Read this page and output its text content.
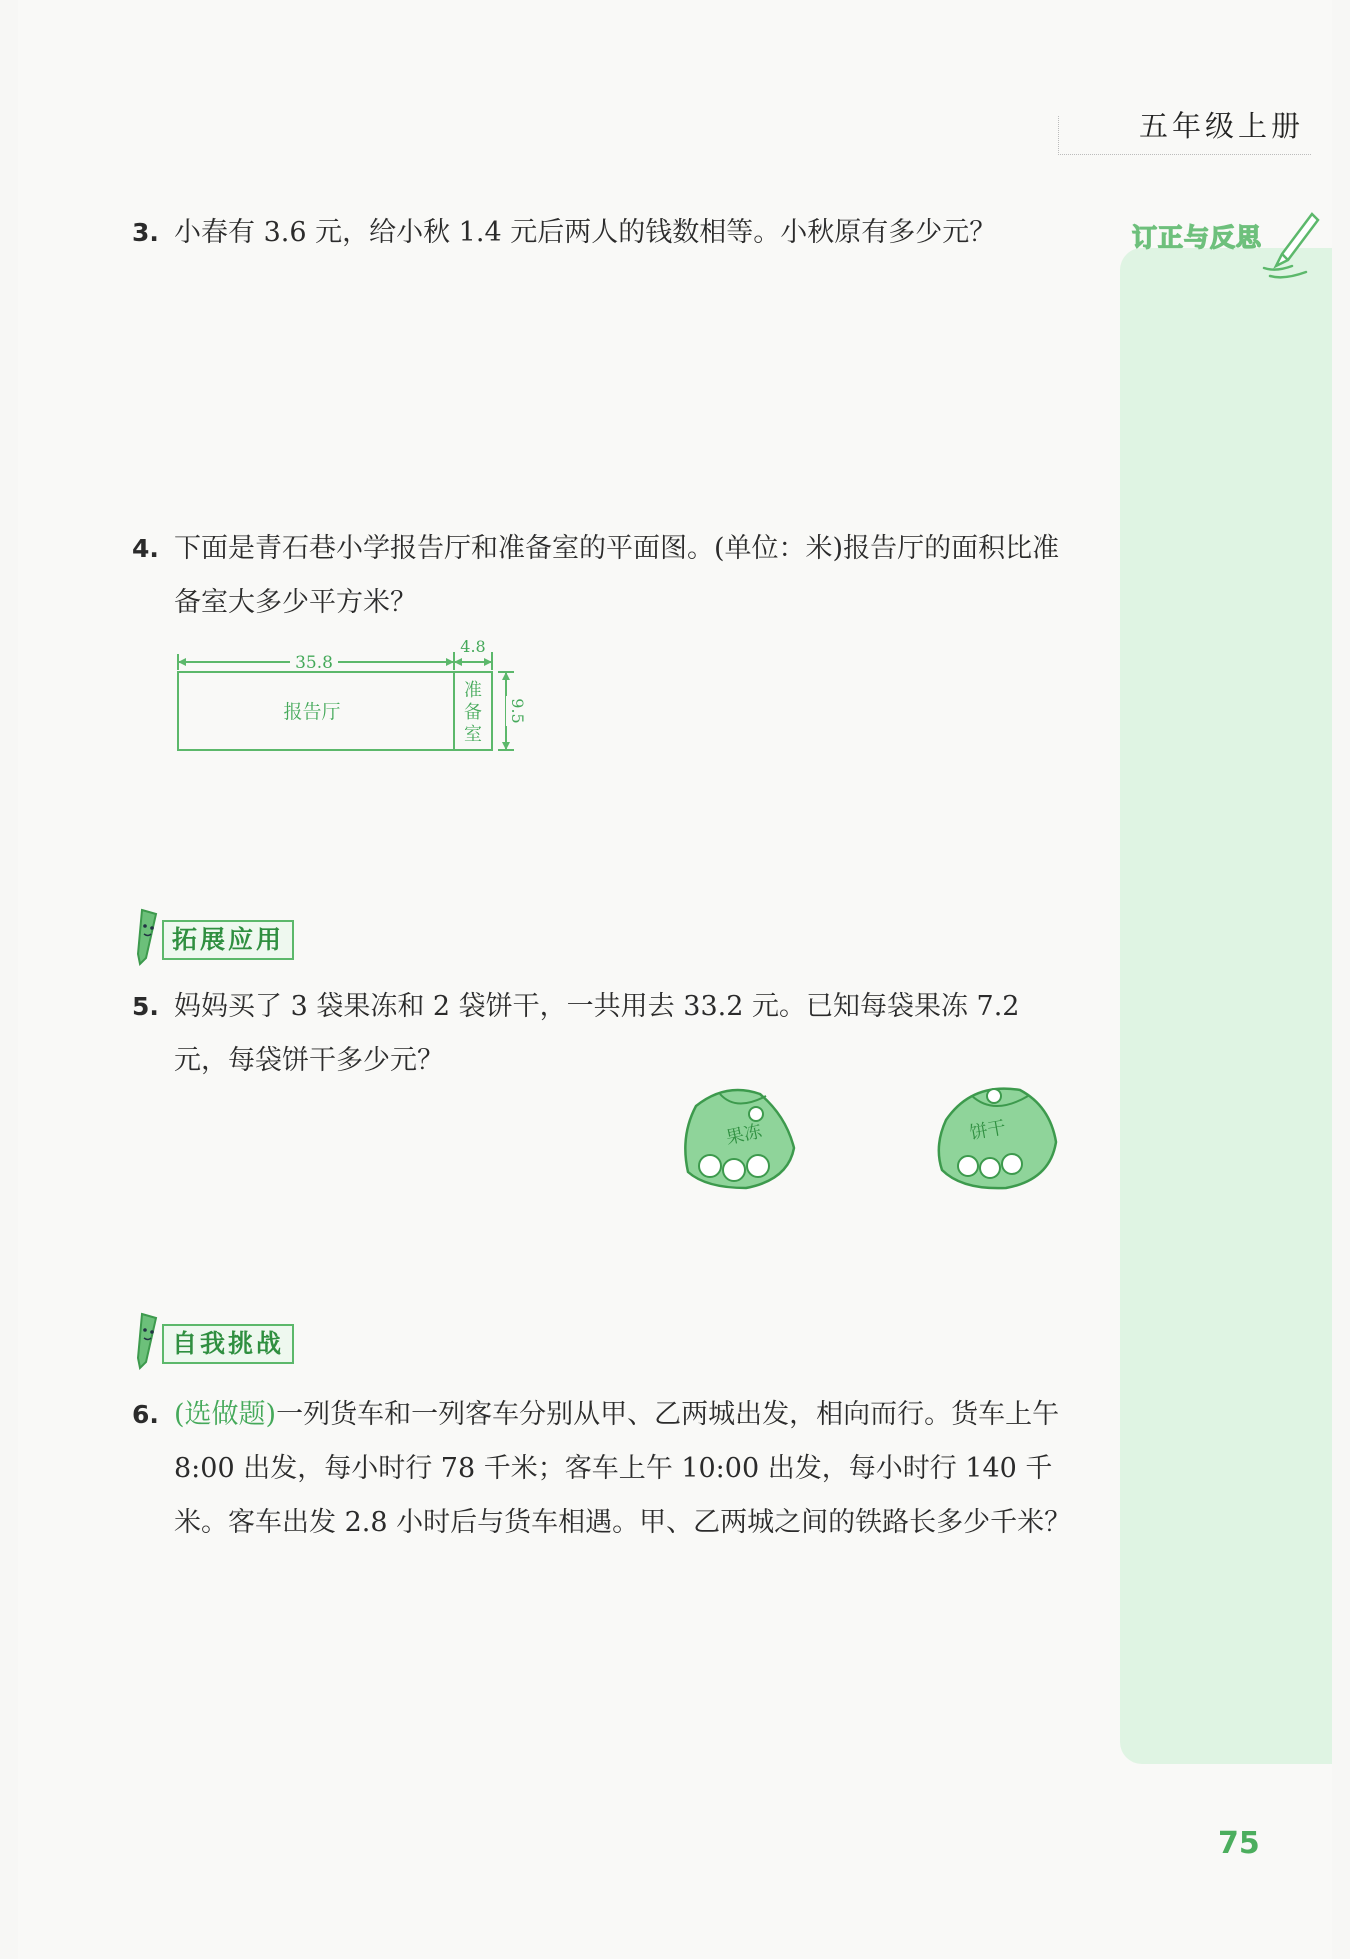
五年级上册
订正与反思
3. 小春有 3.6 元，给小秋 1.4 元后两人的钱数相等。小秋原有多少元？
4. 下面是青石巷小学报告厅和准备室的平面图。(单位：米)报告厅的面积比准备室大多少平方米？
35.8
4.8
报告厅
准
备
室
9.5
拓展应用
5. 妈妈买了 3 袋果冻和 2 袋饼干，一共用去 33.2 元。已知每袋果冻 7.2 元，每袋饼干多少元？
果冻	饼干
自我挑战
6. (选做题)一列货车和一列客车分别从甲、乙两城出发，相向而行。货车上午 8:00 出发，每小时行 78 千米；客车上午 10:00 出发，每小时行 140 千米。客车出发 2.8 小时后与货车相遇。甲、乙两城之间的铁路长多少千米？
75
